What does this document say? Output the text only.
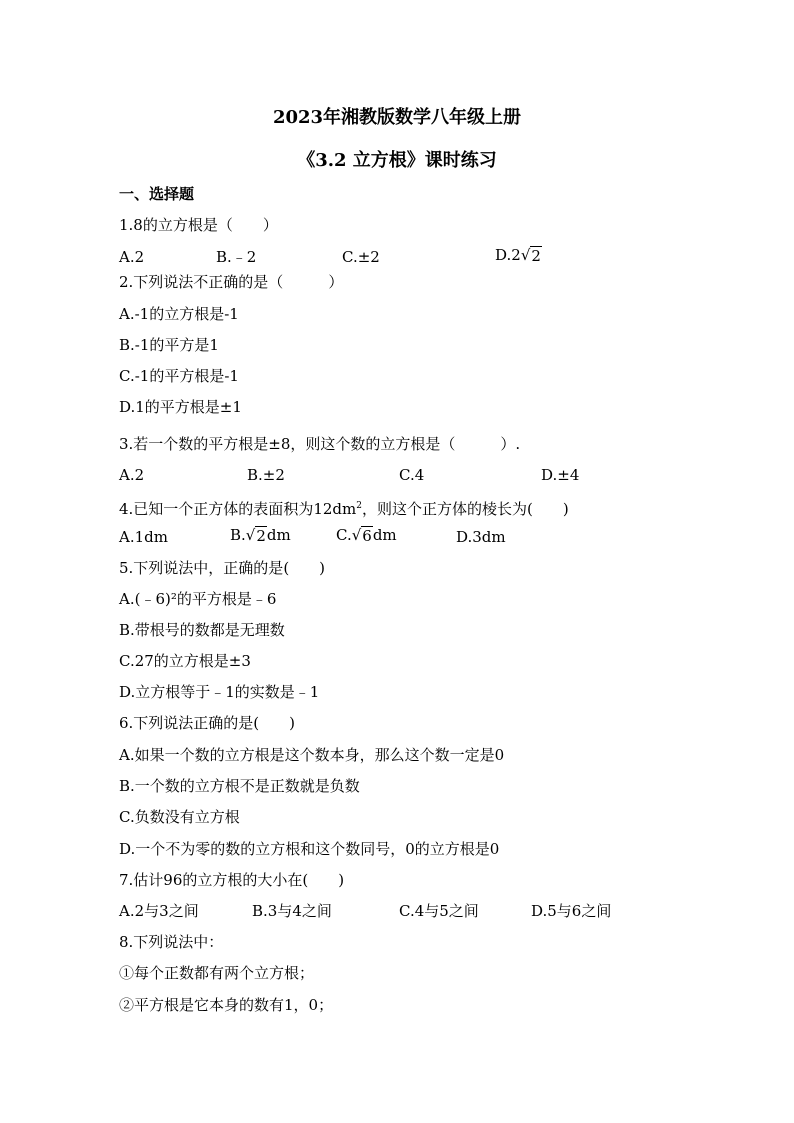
2023年湘教版数学八年级上册
《3.2 立方根》课时练习
一、选择题
1.8的立方根是（　　）
A.2	B.﹣2	C.±2	D.2 √ 2
2.下列说法不正确的是（　　　）
A.-1的立方根是-1
B.-1的平方是1
C.-1的平方根是-1
D.1的平方根是±1
3.若一个数的平方根是±8，则这个数的立方根是（　　　）.
A.2	B.±2	C.4	D.±4
4.已知一个正方体的表面积为$12dm^2$，则这个正方体的棱长为(　　)
A.1dm	B. √ 2 dm	C. √ 6 dm	D.3dm
5.下列说法中，正确的是(　　)
A.(﹣6)²的平方根是﹣6
B.带根号的数都是无理数
C.27的立方根是±3
D.立方根等于﹣1的实数是﹣1
6.下列说法正确的是(　　)
A.如果一个数的立方根是这个数本身，那么这个数一定是0
B.一个数的立方根不是正数就是负数
C.负数没有立方根
D.一个不为零的数的立方根和这个数同号，0的立方根是0
7.估计96的立方根的大小在(　　)
A.2与3之间	B.3与4之间	C.4与5之间	D.5与6之间
8.下列说法中：
①每个正数都有两个立方根；
②平方根是它本身的数有1，0；
